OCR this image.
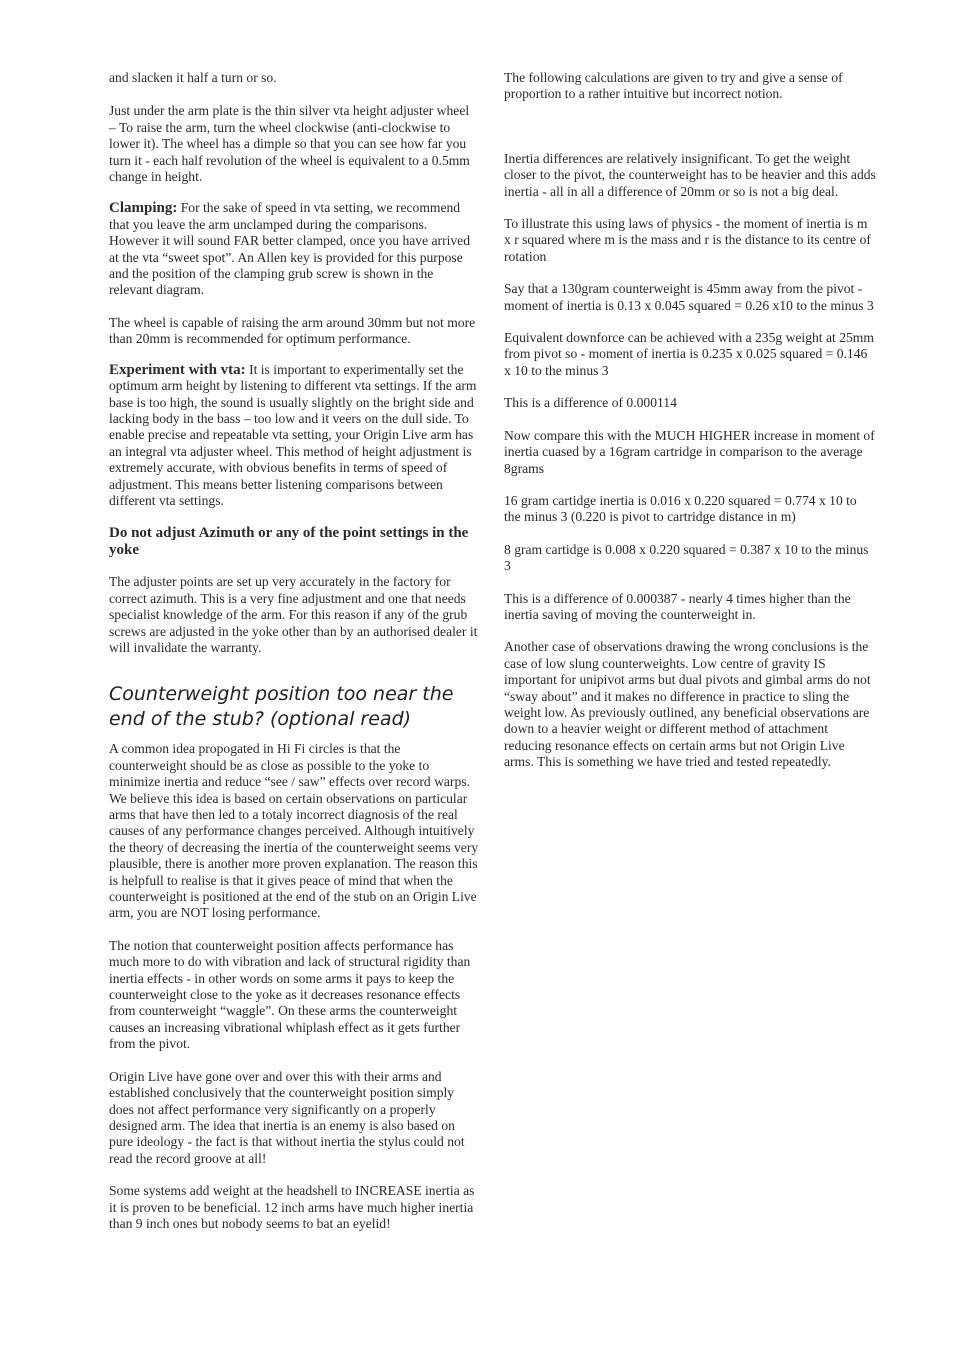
and slacken it half a turn or so.

Just under the arm plate is the thin silver vta height adjuster wheel – To raise the arm, turn the wheel clockwise (anti-clockwise to lower it). The wheel has a dimple so that you can see how far you turn it - each half revolution of the wheel is equivalent to a 0.5mm change in height.

Clamping: For the sake of speed in vta setting, we recommend that you leave the arm unclamped during the comparisons. However it will sound FAR better clamped, once you have arrived at the vta “sweet spot”. An Allen key is provided for this purpose and the position of the clamping grub screw is shown in the relevant diagram.

The wheel is capable of raising the arm around 30mm but not more than 20mm is recommended for optimum performance.

Experiment with vta: It is important to experimentally set the optimum arm height by listening to different vta settings. If the arm base is too high, the sound is usually slightly on the bright side and lacking body in the bass – too low and it veers on the dull side. To enable precise and repeatable vta setting, your Origin Live arm has an integral vta adjuster wheel. This method of height adjustment is extremely accurate, with obvious benefits in terms of speed of adjustment. This means better listening comparisons between different vta settings.

Do not adjust Azimuth or any of the point settings in the yoke

The adjuster points are set up very accurately in the factory for correct azimuth. This is a very fine adjustment and one that needs specialist knowledge of the arm. For this reason if any of the grub screws are adjusted in the yoke other than by an authorised dealer it will invalidate the warranty.

Counterweight position too near the end of the stub? (optional read)

A common idea propogated in Hi Fi circles is that the counterweight should be as close as possible to the yoke to minimize inertia and reduce “see / saw” effects over record warps. We believe this idea is based on certain observations on particular arms that have then led to a totaly incorrect diagnosis of the real causes of any performance changes perceived. Although intuitively the theory of decreasing the inertia of the counterweight seems very plausible, there is another more proven explanation. The reason this is helpfull to realise is that it gives peace of mind that when the counterweight is positioned at the end of the stub on an Origin Live arm, you are NOT losing performance.

The notion that counterweight position affects performance has much more to do with vibration and lack of structural rigidity than inertia effects - in other words on some arms it pays to keep the counterweight close to the yoke as it decreases resonance effects from counterweight “waggle”. On these arms the counterweight causes an increasing vibrational whiplash effect as it gets further from the pivot.

Origin Live have gone over and over this with their arms and established conclusively that the counterweight position simply does not affect performance very significantly on a properly designed arm. The idea that inertia is an enemy is also based on pure ideology - the fact is that without inertia the stylus could not read the record groove at all!

Some systems add weight at the headshell to INCREASE inertia as it is proven to be beneficial. 12 inch arms have much higher inertia than 9 inch ones but nobody seems to bat an eyelid!

The following calculations are given to try and give a sense of proportion to a rather intuitive but incorrect notion.

Inertia differences are relatively insignificant. To get the weight closer to the pivot, the counterweight has to be heavier and this adds inertia - all in all a difference of 20mm or so is not a big deal.

To illustrate this using laws of physics - the moment of inertia is m x r squared where m is the mass and r is the distance to its centre of rotation

Say that a 130gram counterweight is 45mm away from the pivot - moment of inertia is 0.13 x 0.045 squared = 0.26 x10 to the minus 3

Equivalent downforce can be achieved with a 235g weight at 25mm from pivot so - moment of inertia is 0.235 x 0.025 squared = 0.146 x 10 to the minus 3

This is a difference of 0.000114

Now compare this with the MUCH HIGHER increase in moment of inertia cuased by a 16gram cartridge in comparison to the average 8grams

16 gram cartidge inertia is 0.016 x 0.220 squared = 0.774 x 10 to the minus 3 (0.220 is pivot to cartridge distance in m)

8 gram cartidge is 0.008 x 0.220 squared = 0.387 x 10 to the minus 3

This is a difference of 0.000387 - nearly 4 times higher than the inertia saving of moving the counterweight in.

Another case of observations drawing the wrong conclusions is the case of low slung counterweights. Low centre of gravity IS important for unipivot arms but dual pivots and gimbal arms do not “sway about” and it makes no difference in practice to sling the weight low. As previously outlined, any beneficial observations are down to a heavier weight or different method of attachment reducing resonance effects on certain arms but not Origin Live arms. This is something we have tried and tested repeatedly.
